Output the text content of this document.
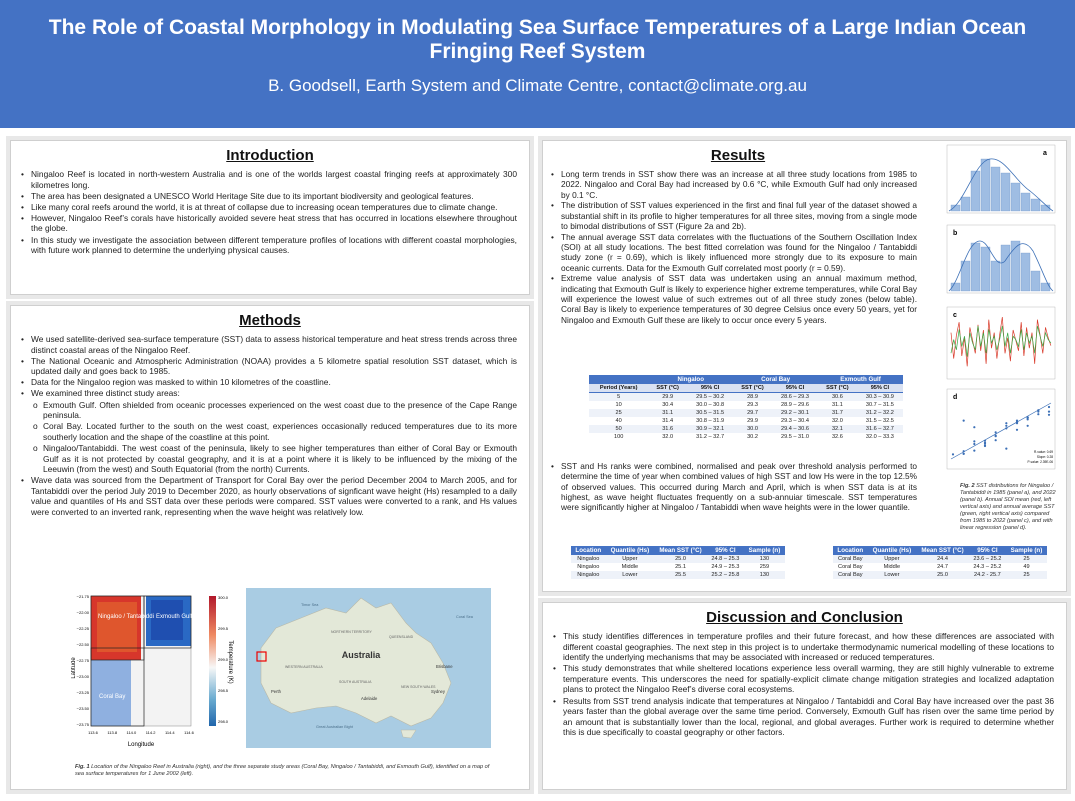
The Role of Coastal Morphology in Modulating Sea Surface Temperatures of a Large Indian Ocean Fringing Reef System
B. Goodsell, Earth System and Climate Centre, contact@climate.org.au
Introduction
• Ningaloo Reef is located in north-western Australia and is one of the worlds largest coastal fringing reefs at approximately 300 kilometres long.
• The area has been designated a UNESCO World Heritage Site due to its important biodiversity and geological features.
• Like many coral reefs around the world, it is at threat of collapse due to increasing ocean temperatures due to climate change.
• However, Ningaloo Reef’s corals have historically avoided severe heat stress that has occurred in locations elsewhere throughout the globe.
• In this study we investigate the association between different temperature profiles of locations with different coastal morphologies, with future work planned to determine the underlying physical causes.
Methods
• We used satellite-derived sea-surface temperature (SST) data to assess historical temperature and heat stress trends across three distinct coastal areas of the Ningaloo Reef.
• The National Oceanic and Atmospheric Administration (NOAA) provides a 5 kilometre spatial resolution SST dataset, which is updated daily and goes back to 1985.
• Data for the Ningaloo region was masked to within 10 kilometres of the coastline.
• We examined three distinct study areas:
o Exmouth Gulf. Often shielded from oceanic processes experienced on the west coast due to the presence of the Cape Range peninsula.
o Coral Bay. Located further to the south on the west coast, experiences occasionally reduced temperatures due to its more southerly location and the shape of the coastline at this point.
o Ningaloo/Tantabiddi. The west coast of the peninsula, likely to see higher temperatures than either of Coral Bay or Exmouth Gulf as it is not protected by coastal geography, and it is at a point where it is likely to be influenced by the mixing of the Leeuwin (from the west) and South Equatorial (from the north) Currents.
• Wave data was sourced from the Department of Transport for Coral Bay over the period December 2004 to March 2005, and for Tantabiddi over the period July 2019 to December 2020, as hourly observations of signficant wave height (Hs) resampled to a daily value and quantiles of Hs and SST data over these periods were compared. SST values were converted to a rank, and Hs values were converted to an inverted rank, representing when the wave height was relatively low.
Ningaloo / Tantabiddi Exmouth Gulf
Coral Bay
−21.75
−22.00
−22.25
−22.50
−22.75
−23.00
−23.25
−23.50
−23.75
113.6 113.8 114.0 114.2 114.4 114.6
Longitude
Latitude
300.0
299.5
299.0
298.5
298.0
Temperature (K)	Australia
NORTHERN TERRITORY
QUEENSLAND
WESTERN AUSTRALIA
SOUTH AUSTRALIA
NEW SOUTH WALES
Perth
Adelaide
Sydney
Brisbane
Coral Sea
Timor Sea
Great Australian Bight
Fig. 1 Location of the Ningaloo Reef in Australia (right), and the three separate study areas (Coral Bay, Ningaloo / Tantabiddi, and Exmouth Gulf), identified on a map of sea surface temperatures for 1 June 2002 (left).
Results
• Long term trends in SST show there was an increase at all three study locations from 1985 to 2022. Ningaloo and Coral Bay had increased by 0.6 °C, while Exmouth Gulf had only increased by 0.1 °C.
• The distribution of SST values experienced in the first and final full year of the dataset showed a substantial shift in its profile to higher temperatures for all three sites, moving from a single mode to bimodal distributions of SST (Figure 2a and 2b).
• The annual average SST data correlates with the fluctuations of the Southern Oscillation Index (SOI) at all study locations. The best fitted correlation was found for the Ningaloo / Tantabiddi study zone (r = 0.69), which is likely influenced more strongly due to its exposure to main oceanic currents. Data for the Exmouth Gulf correlated most poorly (r = 0.59).
• Extreme value analysis of SST data was undertaken using an annual maximum method, indicating that Exmouth Gulf is likely to experience higher extreme temperatures, while Coral Bay will experience the lowest value of such extremes out of all three study zones (below table). Coral Bay is likely to experience temperatures of 30 degree Celsius once every 50 years, yet for Ningaloo and Exmouth Gulf these are likely to occur once every 5 years.
	Ningaloo		Coral Bay		Exmouth Gulf	
Period (Years)	SST (°C)	95% CI	SST (°C)	95% CI	SST (°C)	95% CI
5	29.9	29.5 – 30.2	28.9	28.6 – 29.3	30.6	30.3 – 30.9
10	30.4	30.0 – 30.8	29.3	28.9 – 29.6	31.1	30.7 – 31.5
25	31.1	30.5 – 31.5	29.7	29.2 – 30.1	31.7	31.2 – 32.2
40	31.4	30.8 – 31.9	29.9	29.3 – 30.4	32.0	31.5 – 32.5
50	31.6	30.9 – 32.1	30.0	29.4 – 30.6	32.1	31.6 – 32.7
100	32.0	31.2 – 32.7	30.2	29.5 – 31.0	32.6	32.0 – 33.3
• SST and Hs ranks were combined, normalised and peak over threshold analysis performed to determine the time of year when combined values of high SST and low Hs were in the top 12.5% of observed values. This occurred during March and April, which is when SST data is at its highest, as wave height fluctuates frequently on a sub-annuiar timescale. SST temperatures were significantly higher at Ningaloo / Tantabiddi when wave heights were in the lower quantile.
Location	Quantile (Hs)	Mean SST (°C)	95% CI	Sample (n)
Ningaloo	Upper	25.0	24.8 – 25.3	130
Ningaloo	Middle	25.1	24.9 – 25.3	259
Ningaloo	Lower	25.5	25.2 – 25.8	130
Location	Quantile (Hs)	Mean SST (°C)	95% CI	Sample (n)
Coral Bay	Upper	24.4	23.6 – 25.2	25
Coral Bay	Middle	24.7	24.3 – 25.2	49
Coral Bay	Lower	25.0	24.2 - 25.7	25
a
b
c
d
R-value: 0.69
Slope: 0.28
P-value: 2.39E-06
Fig. 2 SST distributions for Ningaloo / Tantabiddi in 1985 (panel a), and 2022 (panel b). Annual SOI mean (red, left vertical axis) and annual average SST (green, right vertical axis) compared from 1985 to 2022 (panel c), and with linear regression (panel d).
Discussion and Conclusion
• This study identifies differences in temperature profiles and their future forecast, and how these differences are associated with different coastal geographies. The next step in this project is to undertake thermodynamic numerical modelling of these locations to identify the underlying mechanisms that may be associated with increased or reduced temperatures.
• This study demonstrates that while sheltered locations experience less overall warming, they are still highly vulnerable to extreme temperature events. This underscores the need for spatially-explicit climate change mitigation strategies and localized adaptation plans to protect the Ningaloo Reef’s diverse coral ecosystems.
• Results from SST trend analysis indicate that temperatures at Ningaloo / Tantabiddi and Coral Bay have increased over the past 36 years faster than the global average over the same time period. Conversely, Exmouth Gulf has risen over the same time period by an amount that is substantially lower than the local, regional, and global averages. Further work is required to determine whether this is due specifically to coastal geography or other factors.
